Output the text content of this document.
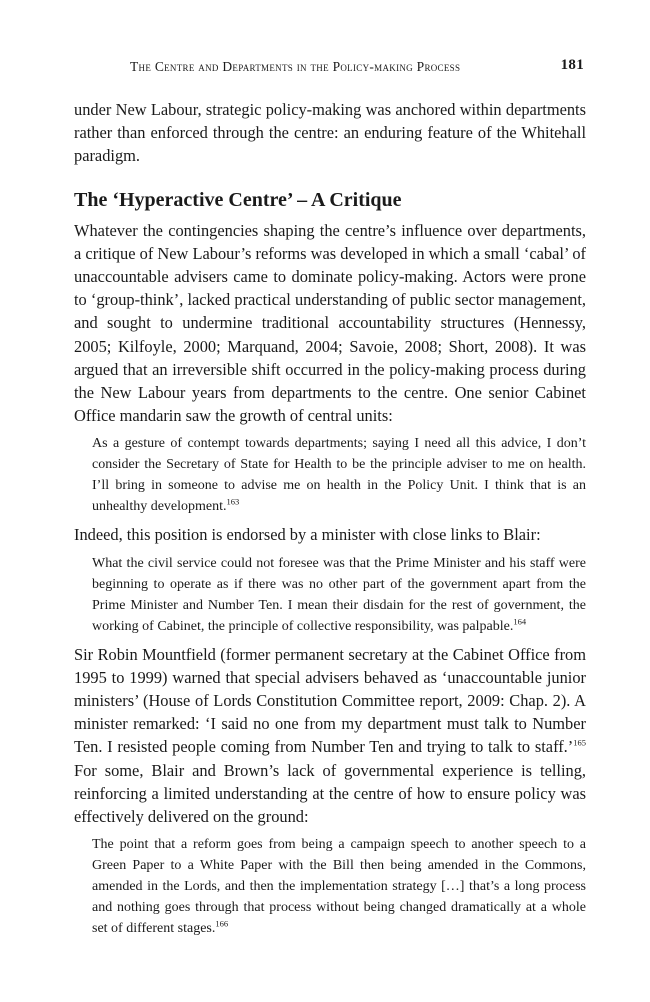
The Centre and Departments in the Policy-making Process	181

under New Labour, strategic policy-making was anchored within departments rather than enforced through the centre: an enduring feature of the Whitehall paradigm.

The ‘Hyperactive Centre’ – A Critique

Whatever the contingencies shaping the centre’s influence over departments, a critique of New Labour’s reforms was developed in which a small ‘cabal’ of unaccountable advisers came to dominate policy-making. Actors were prone to ‘group-think’, lacked practical understanding of public sector management, and sought to undermine traditional accountability structures (Hennessy, 2005; Kilfoyle, 2000; Marquand, 2004; Savoie, 2008; Short, 2008). It was argued that an irreversible shift occurred in the policy-making process during the New Labour years from departments to the centre. One senior Cabinet Office mandarin saw the growth of central units:

As a gesture of contempt towards departments; saying I need all this advice, I don’t consider the Secretary of State for Health to be the principle adviser to me on health. I’ll bring in someone to advise me on health in the Policy Unit. I think that is an unhealthy development.$^{163}$

Indeed, this position is endorsed by a minister with close links to Blair:

What the civil service could not foresee was that the Prime Minister and his staff were beginning to operate as if there was no other part of the government apart from the Prime Minister and Number Ten. I mean their disdain for the rest of government, the working of Cabinet, the principle of collective responsibility, was palpable.$^{164}$

Sir Robin Mountfield (former permanent secretary at the Cabinet Office from 1995 to 1999) warned that special advisers behaved as ‘unaccountable junior ministers’ (House of Lords Constitution Committee report, 2009: Chap. 2). A minister remarked: ‘I said no one from my department must talk to Number Ten. I resisted people coming from Number Ten and trying to talk to staff.’$^{165}$ For some, Blair and Brown’s lack of governmental experience is telling, reinforcing a limited understanding at the centre of how to ensure policy was effectively delivered on the ground:

The point that a reform goes from being a campaign speech to another speech to a Green Paper to a White Paper with the Bill then being amended in the Commons, amended in the Lords, and then the implementation strategy […] that’s a long process and nothing goes through that process without being changed dramatically at a whole set of different stages.$^{166}$
